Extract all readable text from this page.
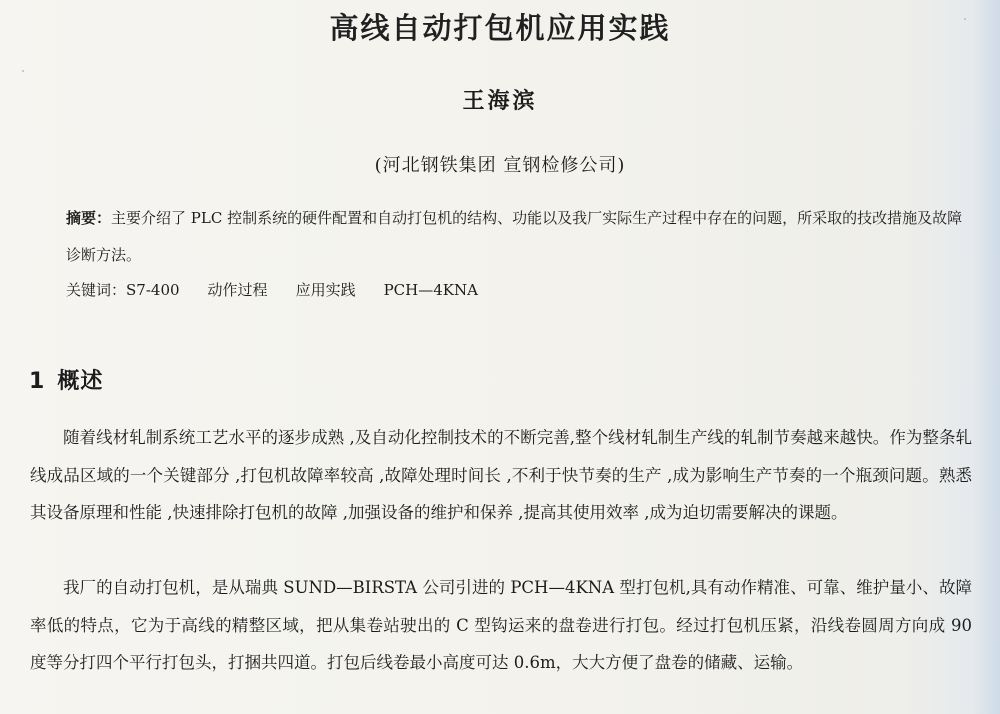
高线自动打包机应用实践
王海滨
(河北钢铁集团 宣钢检修公司)
摘要：主要介绍了 PLC 控制系统的硬件配置和自动打包机的结构、功能以及我厂实际生产过程中存在的问题，所采取的技改措施及故障诊断方法。
关键词：S7-400 动作过程 应用实践 PCH—4KNA
1 概述

随着线材轧制系统工艺水平的逐步成熟 ,及自动化控制技术的不断完善,整个线材轧制生产线的轧制节奏越来越快。作为整条轧线成品区域的一个关键部分 ,打包机故障率较高 ,故障处理时间长 ,不利于快节奏的生产 ,成为影响生产节奏的一个瓶颈问题。熟悉其设备原理和性能 ,快速排除打包机的故障 ,加强设备的维护和保养 ,提高其使用效率 ,成为迫切需要解决的课题。

我厂的自动打包机，是从瑞典 SUND—BIRSTA 公司引进的 PCH—4KNA 型打包机,具有动作精准、可靠、维护量小、故障率低的特点，它为于高线的精整区域，把从集卷站驶出的 C 型钩运来的盘卷进行打包。经过打包机压紧，沿线卷圆周方向成 90 度等分打四个平行打包头，打捆共四道。打包后线卷最小高度可达 0.6m，大大方便了盘卷的储藏、运输。
